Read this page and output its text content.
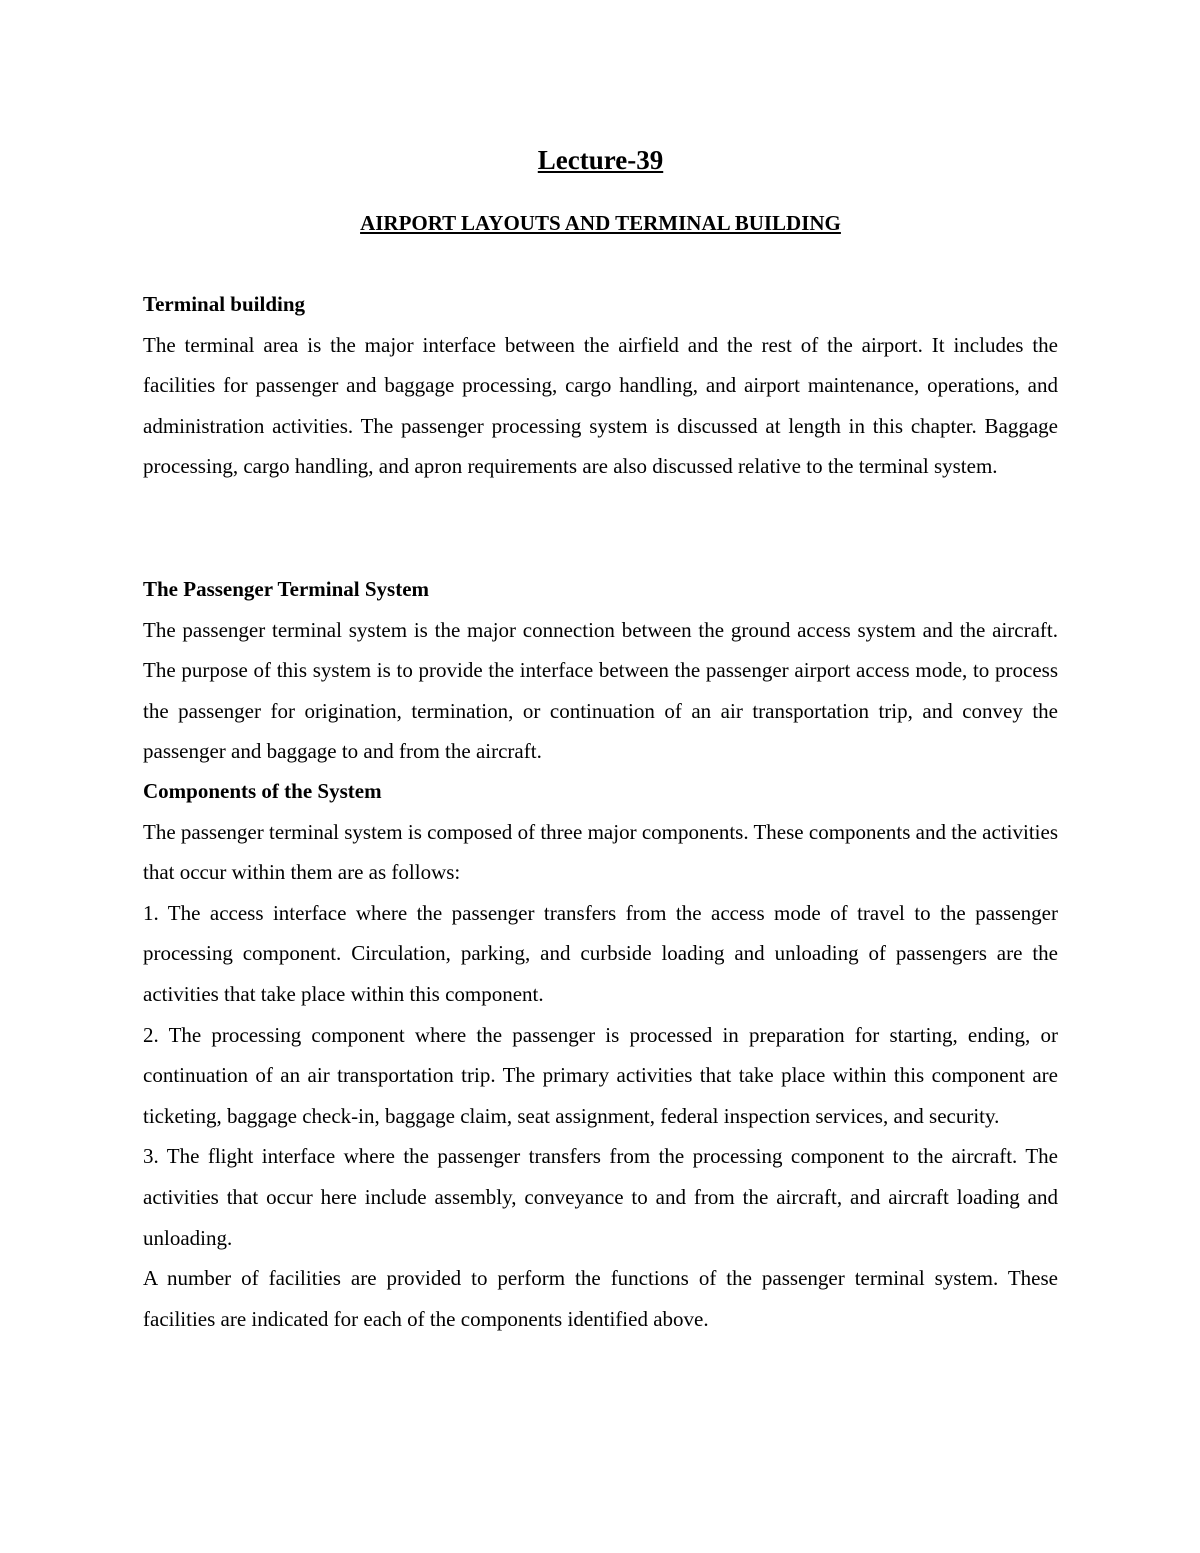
Lecture-39
AIRPORT LAYOUTS AND TERMINAL BUILDING

Terminal building

The terminal area is the major interface between the airfield and the rest of the airport. It includes the facilities for passenger and baggage processing, cargo handling, and airport maintenance, operations, and administration activities. The passenger processing system is discussed at length in this chapter. Baggage processing, cargo handling, and apron requirements are also discussed relative to the terminal system.

The Passenger Terminal System

The passenger terminal system is the major connection between the ground access system and the aircraft. The purpose of this system is to provide the interface between the passenger airport access mode, to process the passenger for origination, termination, or continuation of an air transportation trip, and convey the passenger and baggage to and from the aircraft.

Components of the System

The passenger terminal system is composed of three major components. These components and the activities that occur within them are as follows:

1. The access interface where the passenger transfers from the access mode of travel to the passenger processing component. Circulation, parking, and curbside loading and unloading of passengers are the activities that take place within this component.

2. The processing component where the passenger is processed in preparation for starting, ending, or continuation of an air transportation trip. The primary activities that take place within this component are ticketing, baggage check-in, baggage claim, seat assignment, federal inspection services, and security.

3. The flight interface where the passenger transfers from the processing component to the aircraft. The activities that occur here include assembly, conveyance to and from the aircraft, and aircraft loading and unloading.

A number of facilities are provided to perform the functions of the passenger terminal system. These facilities are indicated for each of the components identified above.
